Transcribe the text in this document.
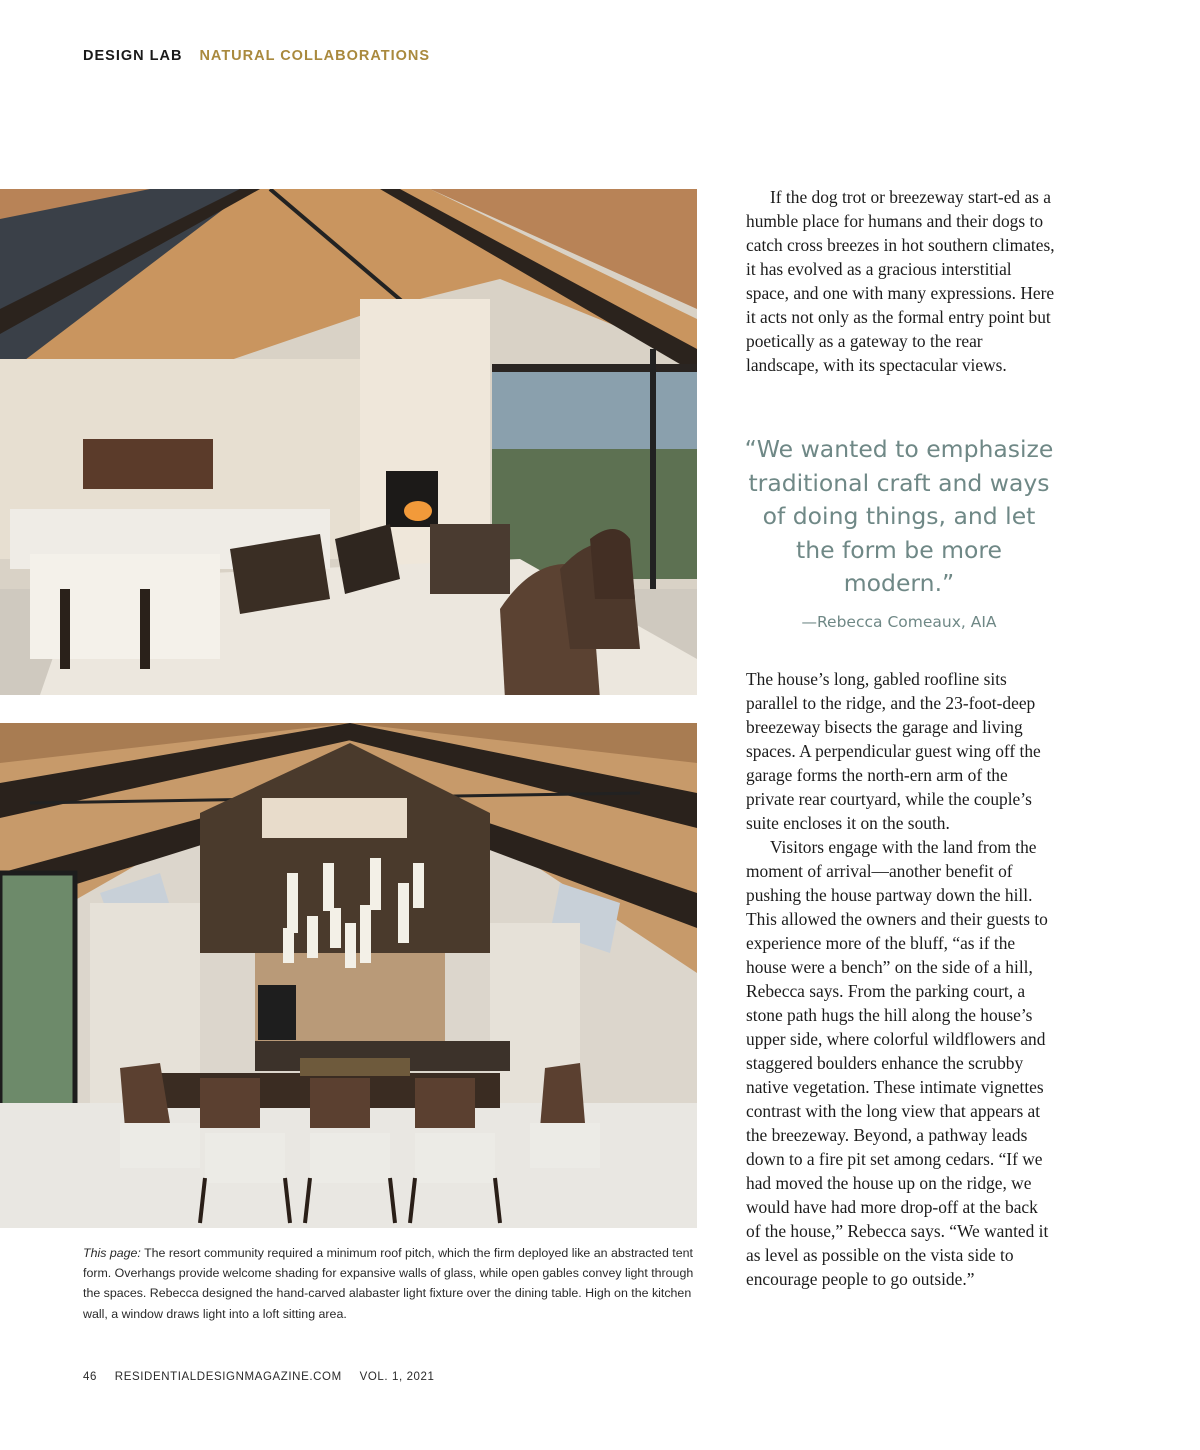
DESIGN LAB NATURAL COLLABORATIONS
This page: The resort community required a minimum roof pitch, which the firm deployed like an abstracted tent form. Overhangs provide welcome shading for expansive walls of glass, while open gables convey light through the spaces. Rebecca designed the hand-carved alabaster light fixture over the dining table. High on the kitchen wall, a window draws light into a loft sitting area.

If the dog trot or breezeway start-ed as a humble place for humans and their dogs to catch cross breezes in hot southern climates, it has evolved as a gracious interstitial space, and one with many expressions. Here it acts not only as the formal entry point but poetically as a gateway to the rear landscape, with its spectacular views.

“We wanted to emphasize traditional craft and ways of doing things, and let the form be more modern.”
—Rebecca Comeaux, AIA

The house’s long, gabled roofline sits parallel to the ridge, and the 23-foot-deep breezeway bisects the garage and living spaces. A perpendicular guest wing off the garage forms the north-ern arm of the private rear courtyard, while the couple’s suite encloses it on the south.

Visitors engage with the land from the moment of arrival—another benefit of pushing the house partway down the hill. This allowed the owners and their guests to experience more of the bluff, “as if the house were a bench” on the side of a hill, Rebecca says. From the parking court, a stone path hugs the hill along the house’s upper side, where colorful wildflowers and staggered boulders enhance the scrubby native vegetation. These intimate vignettes contrast with the long view that appears at the breezeway. Beyond, a pathway leads down to a fire pit set among cedars. “If we had moved the house up on the ridge, we would have had more drop-off at the back of the house,” Rebecca says. “We wanted it as level as possible on the vista side to encourage people to go outside.”

46 RESIDENTIALDESIGNMAGAZINE.COM VOL. 1, 2021
